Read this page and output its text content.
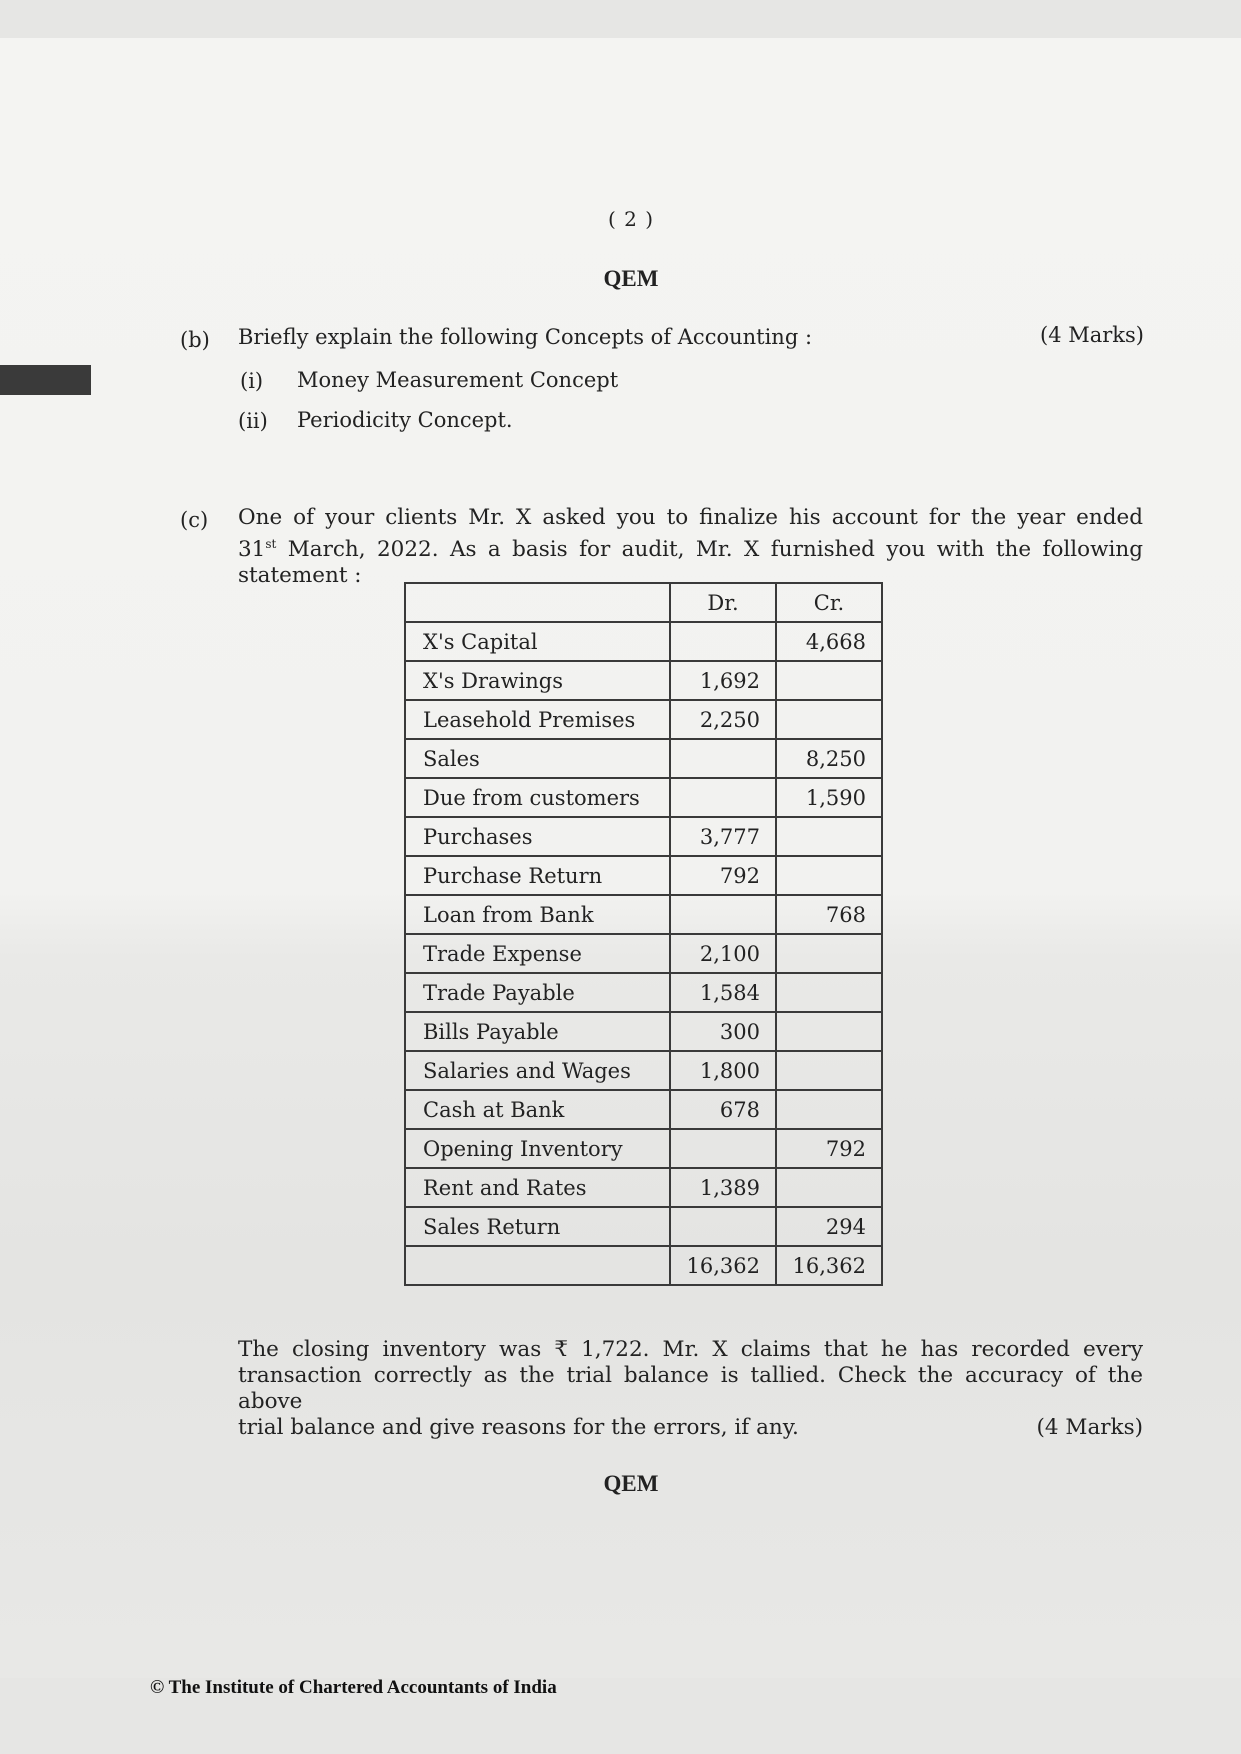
( 2 )
QEM
(b) Briefly explain the following Concepts of Accounting :	(4 Marks)
(i) Money Measurement Concept
(ii) Periodicity Concept.
(c) One of your clients Mr. X asked you to finalize his account for the year ended
31st March, 2022. As a basis for audit, Mr. X furnished you with the following
statement :
	Dr.	Cr.
X's Capital		4,668
X's Drawings	1,692	
Leasehold Premises	2,250	
Sales		8,250
Due from customers		1,590
Purchases	3,777	
Purchase Return	792	
Loan from Bank		768
Trade Expense	2,100	
Trade Payable	1,584	
Bills Payable	300	
Salaries and Wages	1,800	
Cash at Bank	678	
Opening Inventory		792
Rent and Rates	1,389	
Sales Return		294
	16,362	16,362
The closing inventory was ₹ 1,722. Mr. X claims that he has recorded every
transaction correctly as the trial balance is tallied. Check the accuracy of the above
trial balance and give reasons for the errors, if any.	(4 Marks)
QEM
© The Institute of Chartered Accountants of India
